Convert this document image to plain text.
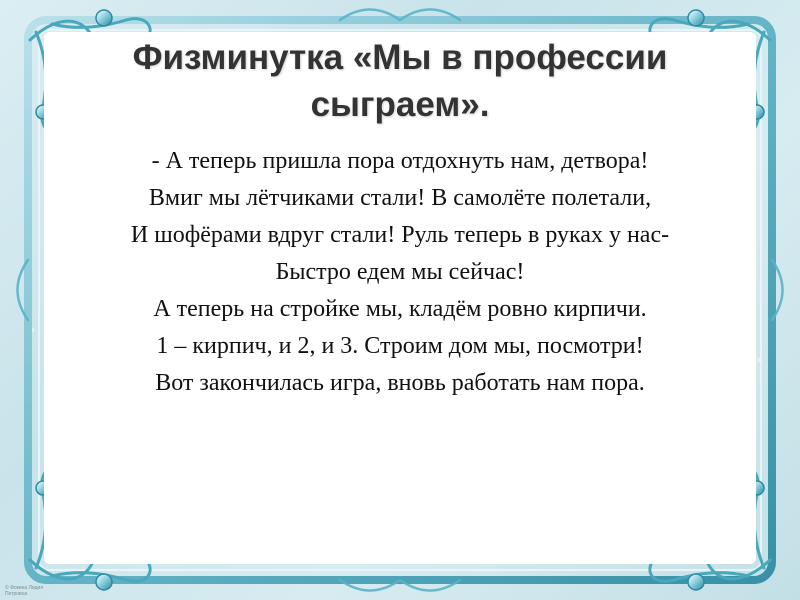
Физминутка «Мы в профессии
сыграем».
- А теперь пришла пора отдохнуть нам, детвора!
Вмиг мы лётчиками стали! В самолёте полетали,
И шофёрами вдруг стали! Руль теперь в руках у нас-
Быстро едем мы сейчас!
А теперь на стройке мы, кладём ровно кирпичи.
1 – кирпич, и 2, и 3. Строим дом мы, посмотри!
Вот закончилась игра, вновь работать нам пора.
© Фокина Лидия
Петровна
